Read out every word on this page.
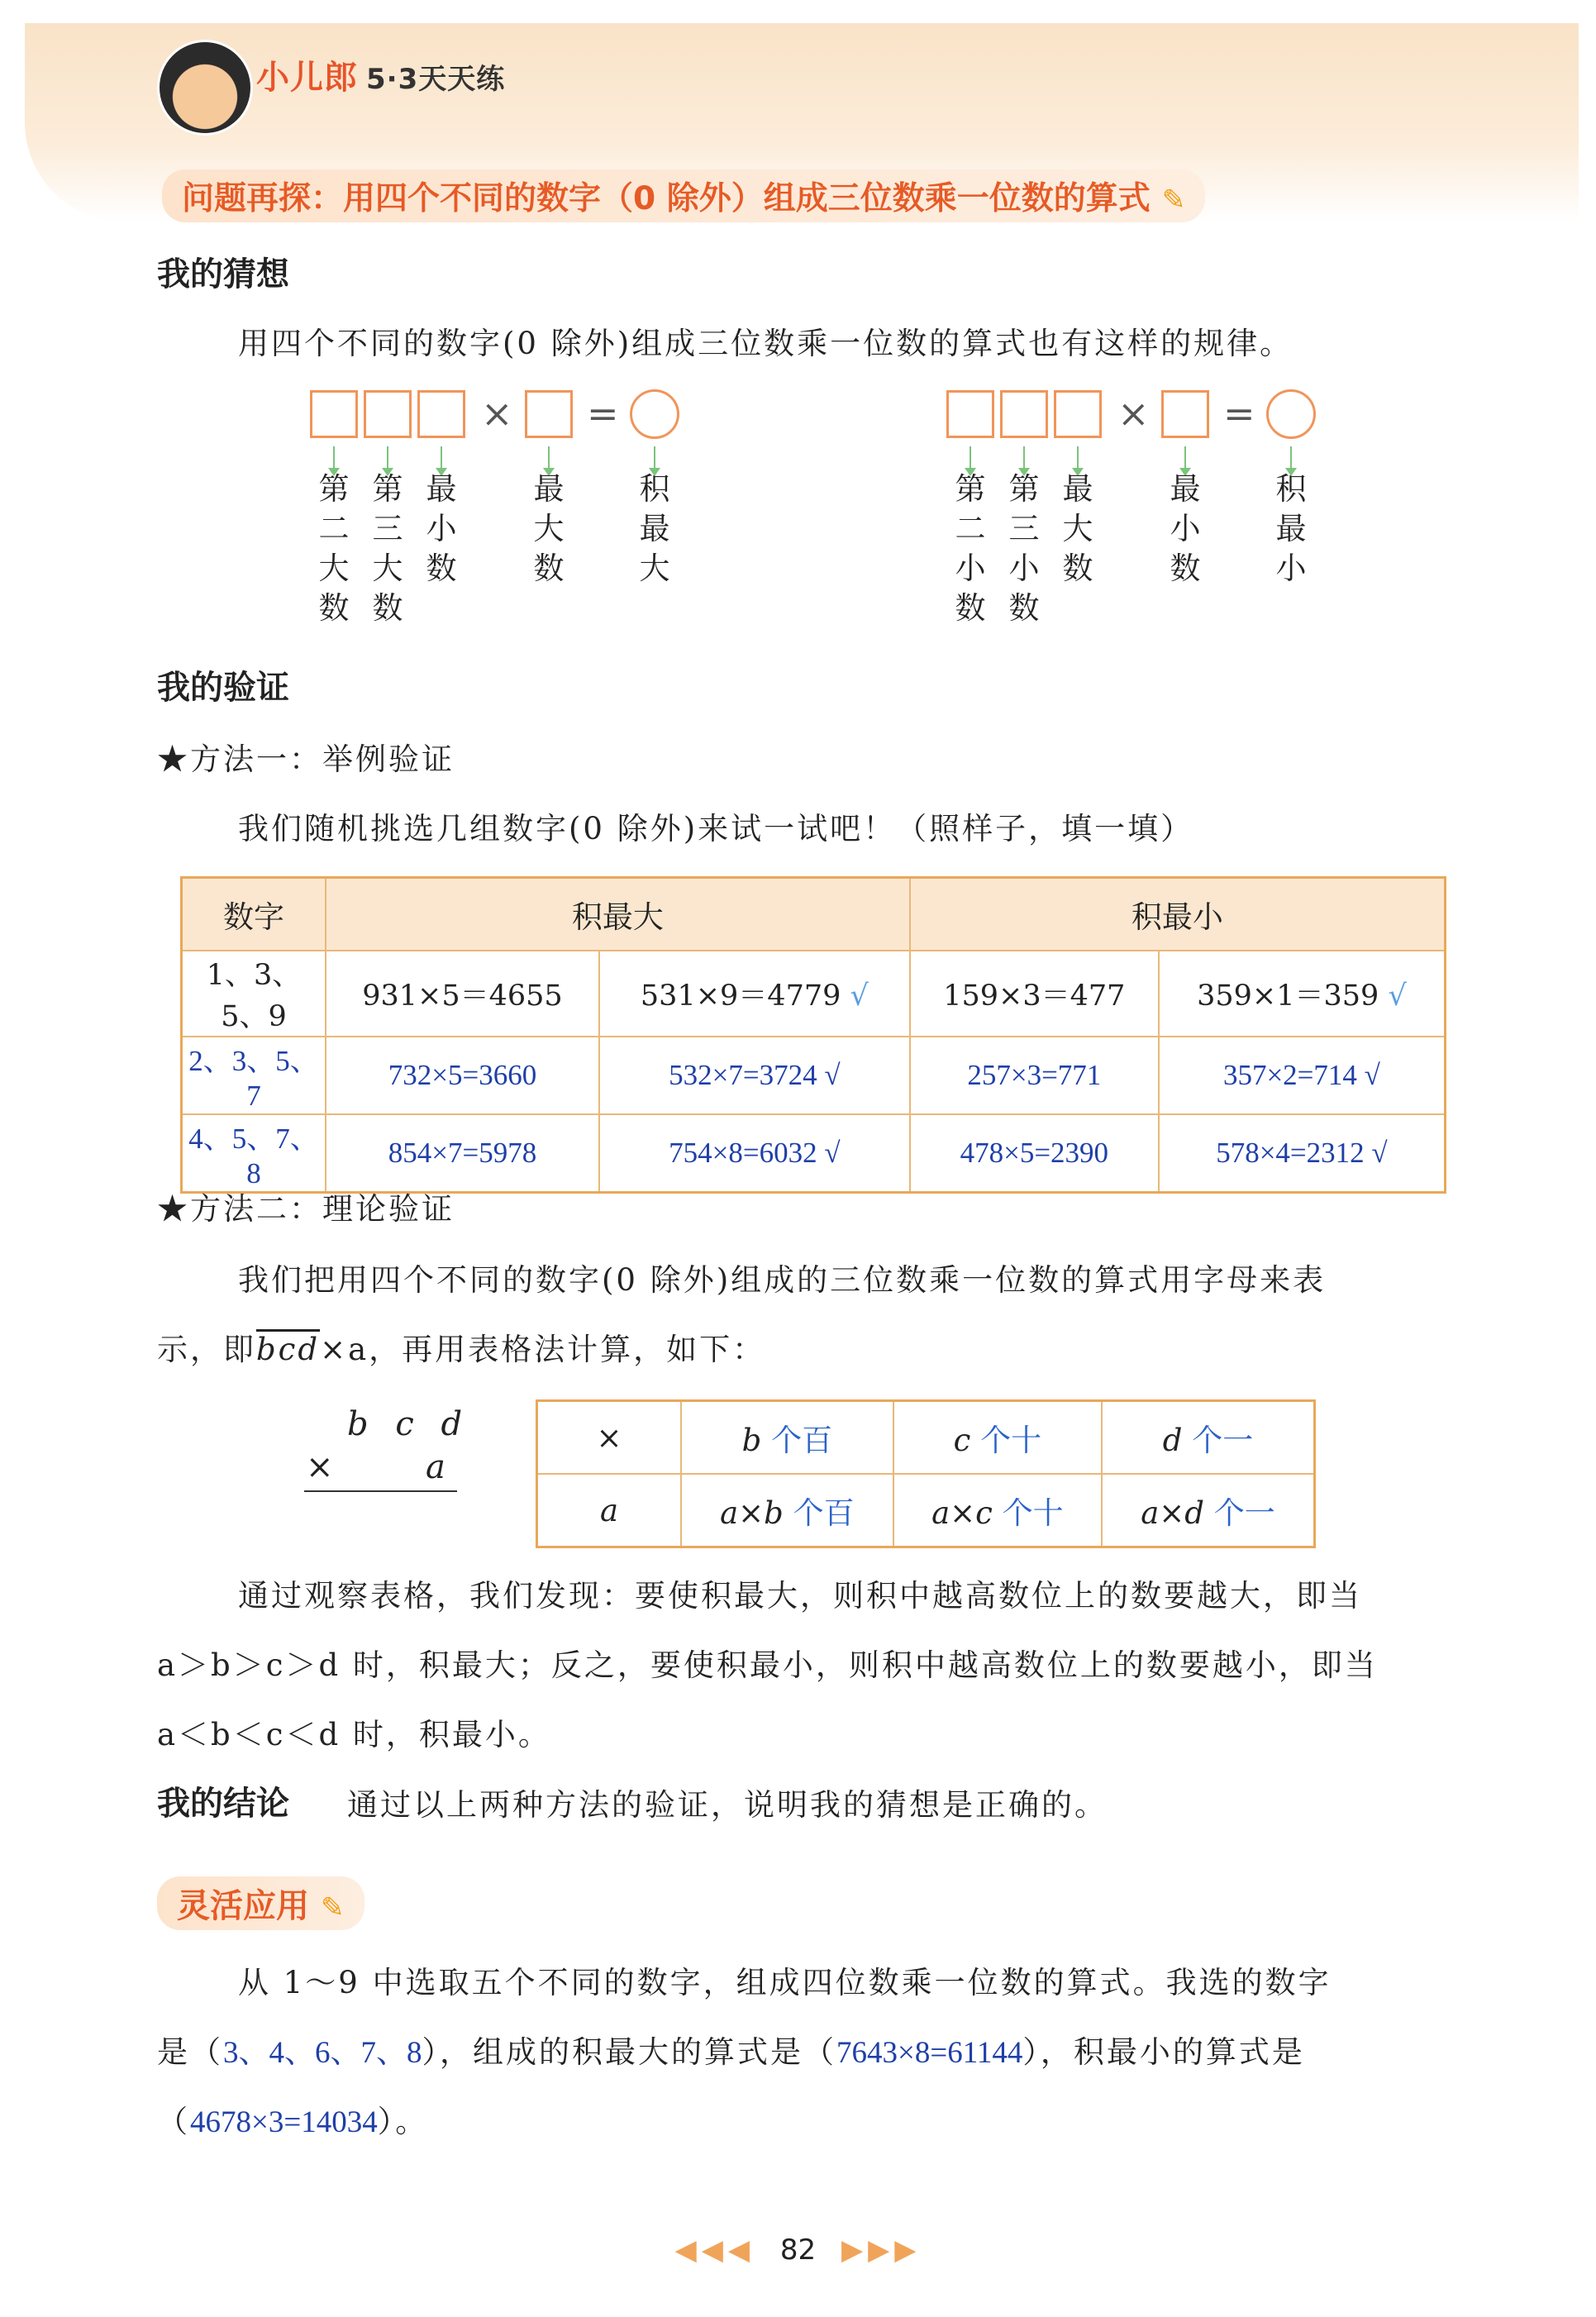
小儿郎 5·3天天练
问题再探：用四个不同的数字（0 除外）组成三位数乘一位数的算式 ✎
我的猜想
用四个不同的数字(0 除外)组成三位数乘一位数的算式也有这样的规律。
× =
第二大数
第三大数
最小数
最大数
积最大
× =
第二小数
第三小数
最大数
最小数
积最小
我的验证
★方法一：举例验证
我们随机挑选几组数字(0 除外)来试一试吧！（照样子，填一填）
数字	积最大		积最小	
1、3、5、9	931×5＝4655	531×9＝4779 √	159×3＝477	359×1＝359 √
2、3、5、7	732×5=3660	532×7=3724 √	257×3=771	357×2=714 √
4、5、7、8	854×7=5978	754×8=6032 √	478×5=2390	578×4=2312 √
★方法二：理论验证
我们把用四个不同的数字(0 除外)组成的三位数乘一位数的算式用字母来表
示，即$\overline{bcd}\times a$，再用表格法计算，如下：
b c d
×	a
×	b 个百	c 个十	d 个一
a	a×b 个百	a×c 个十	a×d 个一
通过观察表格，我们发现：要使积最大，则积中越高数位上的数要越大，即当
a＞b＞c＞d 时，积最大；反之，要使积最小，则积中越高数位上的数要越小，即当
a＜b＜c＜d 时，积最小。
我的结论 通过以上两种方法的验证，说明我的猜想是正确的。
灵活应用 ✎
从 1～9 中选取五个不同的数字，组成四位数乘一位数的算式。我选的数字
是（3、4、6、7、8），组成的积最大的算式是（7643×8=61144），积最小的算式是
（4678×3=14034）。
◀◀◀ 82 ▶▶▶
